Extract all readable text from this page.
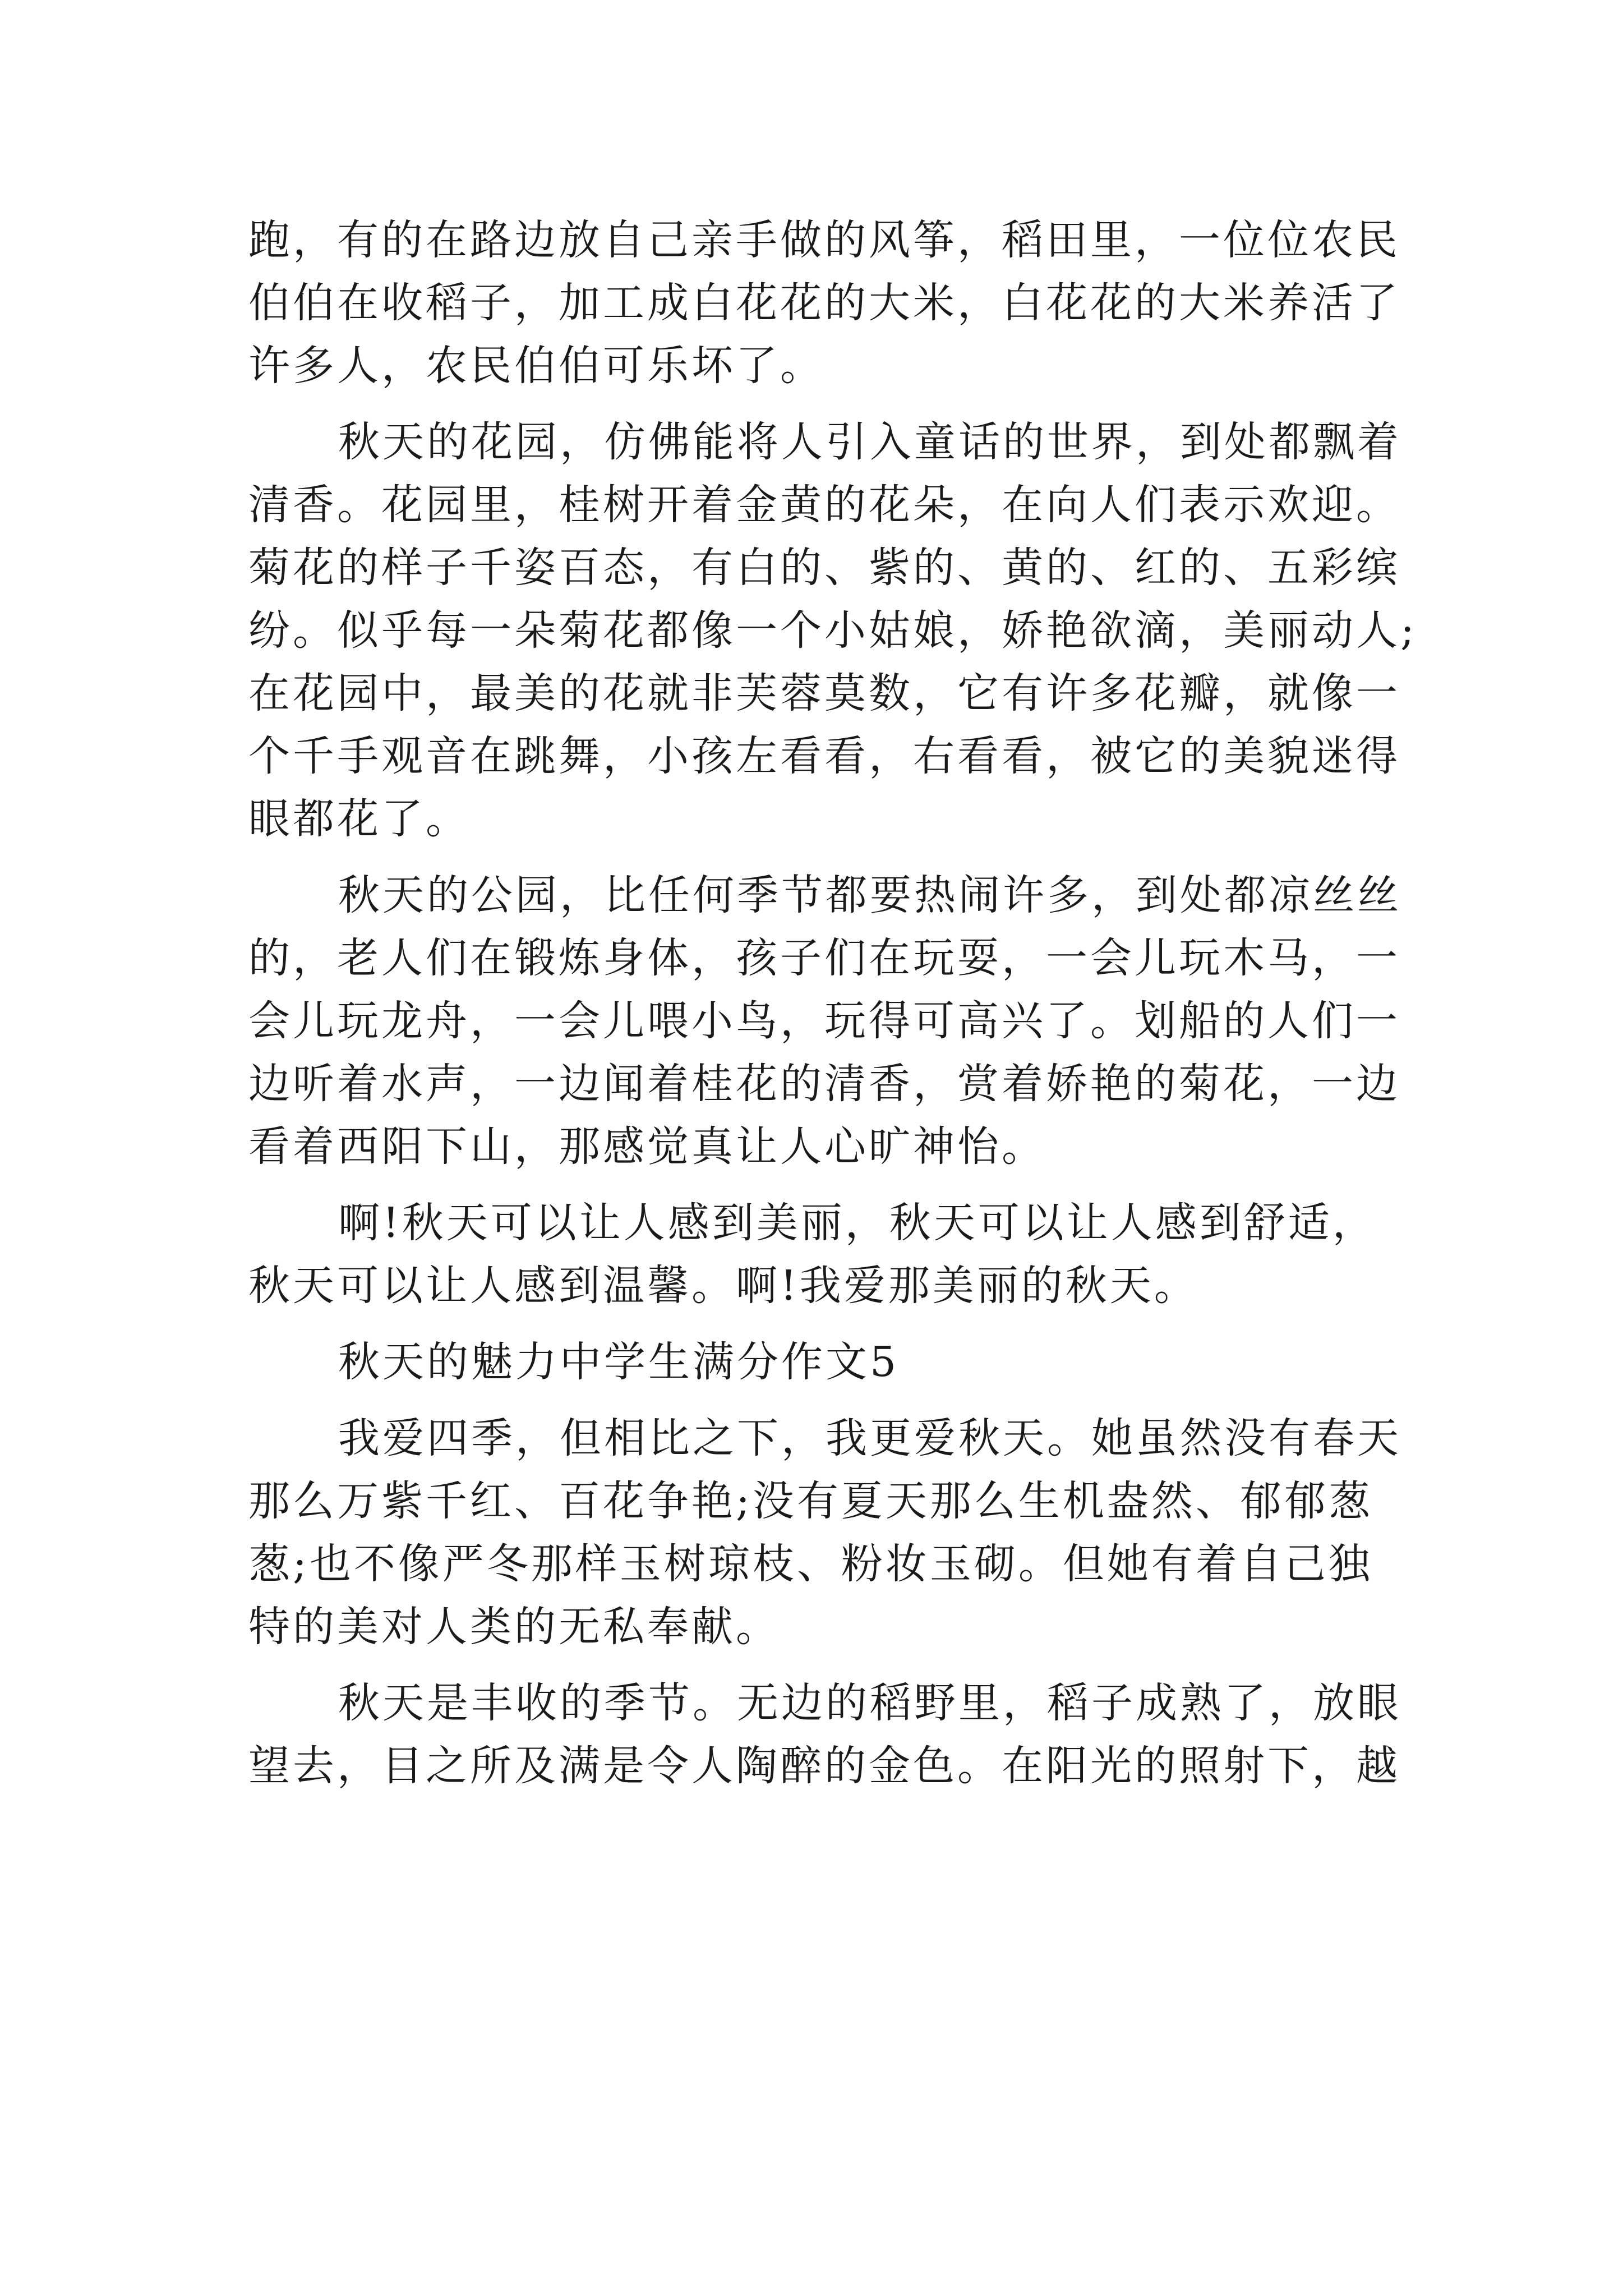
跑，有的在路边放自己亲手做的风筝，稻田里，一位位农民
伯伯在收稻子，加工成白花花的大米，白花花的大米养活了
许多人，农民伯伯可乐坏了。
秋天的花园，仿佛能将人引入童话的世界，到处都飘着
清香。花园里，桂树开着金黄的花朵，在向人们表示欢迎。
菊花的样子千姿百态，有白的、紫的、黄的、红的、五彩缤
纷。似乎每一朵菊花都像一个小姑娘，娇艳欲滴，美丽动人;
在花园中，最美的花就非芙蓉莫数，它有许多花瓣，就像一
个千手观音在跳舞，小孩左看看，右看看，被它的美貌迷得
眼都花了。
秋天的公园，比任何季节都要热闹许多，到处都凉丝丝
的，老人们在锻炼身体，孩子们在玩耍，一会儿玩木马，一
会儿玩龙舟，一会儿喂小鸟，玩得可高兴了。划船的人们一
边听着水声，一边闻着桂花的清香，赏着娇艳的菊花，一边
看着西阳下山，那感觉真让人心旷神怡。
啊!秋天可以让人感到美丽，秋天可以让人感到舒适，
秋天可以让人感到温馨。啊!我爱那美丽的秋天。
秋天的魅力中学生满分作文5
我爱四季，但相比之下，我更爱秋天。她虽然没有春天
那么万紫千红、百花争艳;没有夏天那么生机盎然、郁郁葱
葱;也不像严冬那样玉树琼枝、粉妆玉砌。但她有着自己独
特的美对人类的无私奉献。
秋天是丰收的季节。无边的稻野里，稻子成熟了，放眼
望去，目之所及满是令人陶醉的金色。在阳光的照射下，越
